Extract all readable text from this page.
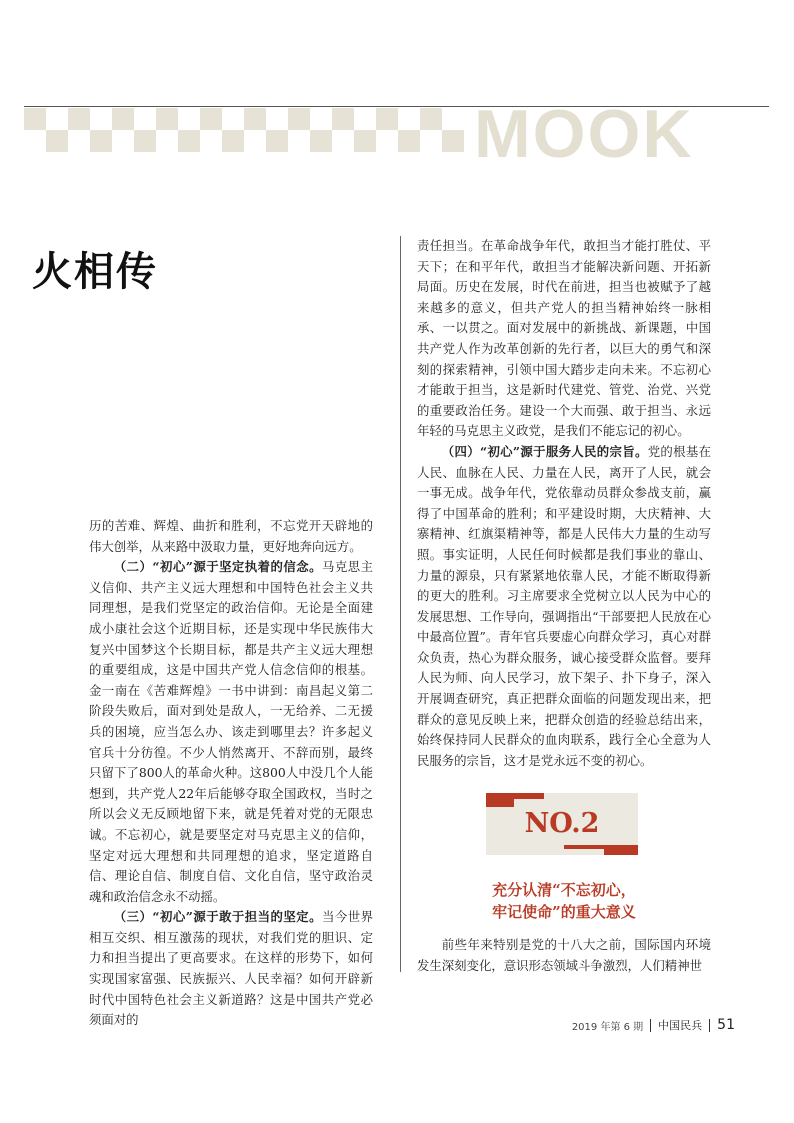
MOOK
火相传

历的苦难、辉煌、曲折和胜利，不忘党开天辟地的伟大创举，从来路中汲取力量，更好地奔向远方。

（二）“初心”源于坚定执着的信念。马克思主义信仰、共产主义远大理想和中国特色社会主义共同理想，是我们党坚定的政治信仰。无论是全面建成小康社会这个近期目标，还是实现中华民族伟大复兴中国梦这个长期目标，都是共产主义远大理想的重要组成，这是中国共产党人信念信仰的根基。金一南在《苦难辉煌》一书中讲到：南昌起义第二阶段失败后，面对到处是敌人，一无给养、二无援兵的困境，应当怎么办、该走到哪里去？许多起义官兵十分彷徨。不少人悄然离开、不辞而别，最终只留下了800人的革命火种。这800人中没几个人能想到，共产党人22年后能够夺取全国政权，当时之所以会义无反顾地留下来，就是凭着对党的无限忠诚。不忘初心，就是要坚定对马克思主义的信仰，坚定对远大理想和共同理想的追求，坚定道路自信、理论自信、制度自信、文化自信，坚守政治灵魂和政治信念永不动摇。

（三）“初心”源于敢于担当的坚定。当今世界相互交织、相互激荡的现状，对我们党的胆识、定力和担当提出了更高要求。在这样的形势下，如何实现国家富强、民族振兴、人民幸福？如何开辟新时代中国特色社会主义新道路？这是中国共产党必须面对的

责任担当。在革命战争年代，敢担当才能打胜仗、平天下；在和平年代，敢担当才能解决新问题、开拓新局面。历史在发展，时代在前进，担当也被赋予了越来越多的意义，但共产党人的担当精神始终一脉相承、一以贯之。面对发展中的新挑战、新课题，中国共产党人作为改革创新的先行者，以巨大的勇气和深刻的探索精神，引领中国大踏步走向未来。不忘初心才能敢于担当，这是新时代建党、管党、治党、兴党的重要政治任务。建设一个大而强、敢于担当、永远年轻的马克思主义政党，是我们不能忘记的初心。

（四）“初心”源于服务人民的宗旨。党的根基在人民、血脉在人民、力量在人民，离开了人民，就会一事无成。战争年代，党依靠动员群众参战支前，赢得了中国革命的胜利；和平建设时期，大庆精神、大寨精神、红旗渠精神等，都是人民伟大力量的生动写照。事实证明，人民任何时候都是我们事业的靠山、力量的源泉，只有紧紧地依靠人民，才能不断取得新的更大的胜利。习主席要求全党树立以人民为中心的发展思想、工作导向，强调指出“干部要把人民放在心中最高位置”。青年官兵要虚心向群众学习，真心对群众负责，热心为群众服务，诚心接受群众监督。要拜人民为师、向人民学习，放下架子、扑下身子，深入开展调查研究，真正把群众面临的问题发现出来，把群众的意见反映上来，把群众创造的经验总结出来，始终保持同人民群众的血肉联系，践行全心全意为人民服务的宗旨，这才是党永远不变的初心。

NO.2
充分认清“不忘初心，
牢记使命”的重大意义

前些年来特别是党的十八大之前，国际国内环境发生深刻变化，意识形态领域斗争激烈，人们精神世

2019 年第 6 期 中国民兵 51
